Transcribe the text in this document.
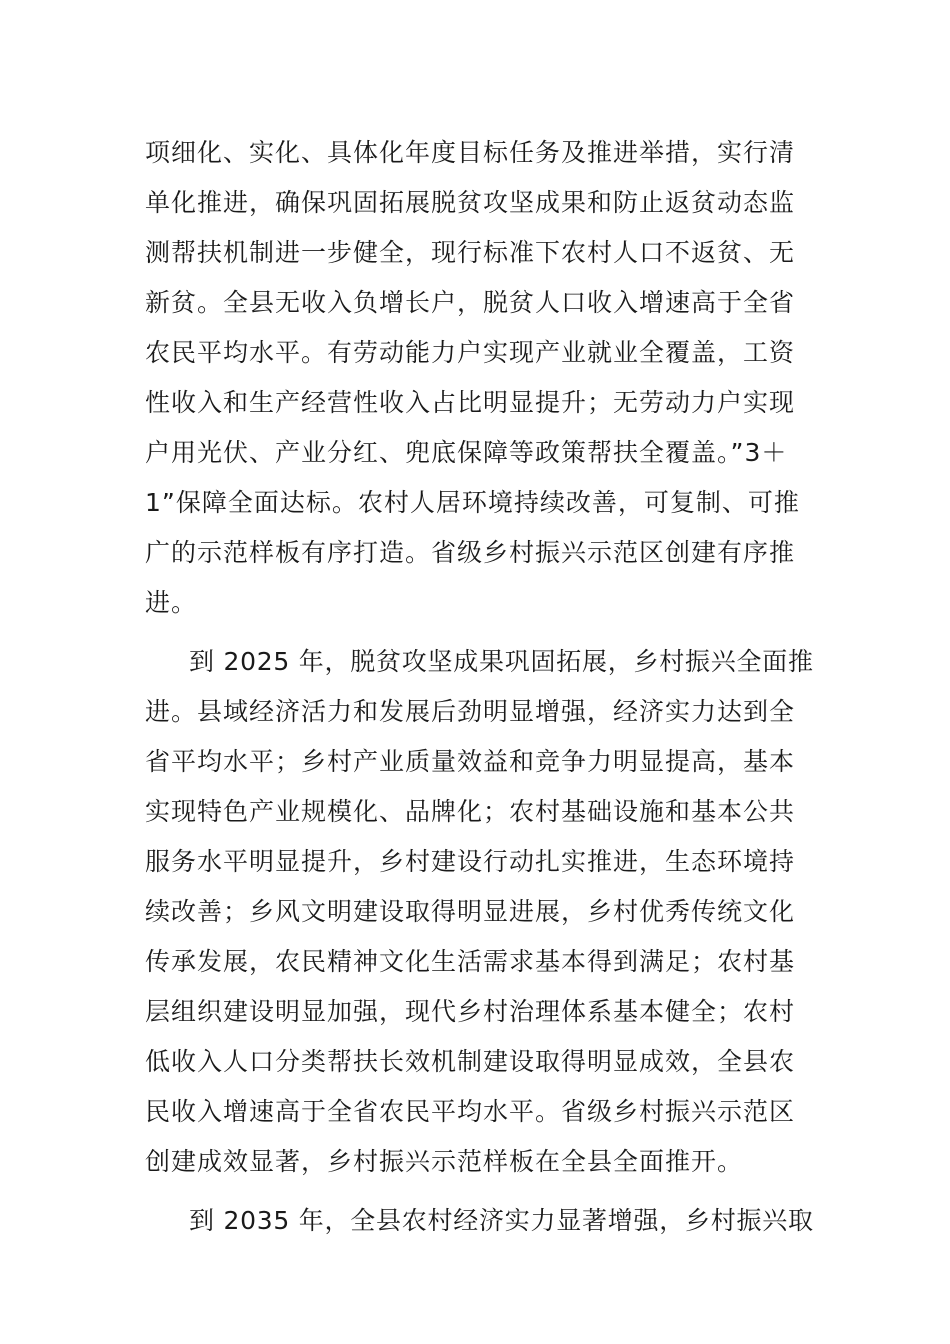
项细化、实化、具体化年度目标任务及推进举措，实行清
单化推进，确保巩固拓展脱贫攻坚成果和防止返贫动态监
测帮扶机制进一步健全，现行标准下农村人口不返贫、无
新贫。全县无收入负增长户，脱贫人口收入增速高于全省
农民平均水平。有劳动能力户实现产业就业全覆盖，工资
性收入和生产经营性收入占比明显提升；无劳动力户实现
户用光伏、产业分红、兜底保障等政策帮扶全覆盖。”3＋
1”保障全面达标。农村人居环境持续改善，可复制、可推
广的示范样板有序打造。省级乡村振兴示范区创建有序推
进。
到 2025 年，脱贫攻坚成果巩固拓展，乡村振兴全面推
进。县域经济活力和发展后劲明显增强，经济实力达到全
省平均水平；乡村产业质量效益和竞争力明显提高，基本
实现特色产业规模化、品牌化；农村基础设施和基本公共
服务水平明显提升，乡村建设行动扎实推进，生态环境持
续改善；乡风文明建设取得明显进展，乡村优秀传统文化
传承发展，农民精神文化生活需求基本得到满足；农村基
层组织建设明显加强，现代乡村治理体系基本健全；农村
低收入人口分类帮扶长效机制建设取得明显成效，全县农
民收入增速高于全省农民平均水平。省级乡村振兴示范区
创建成效显著，乡村振兴示范样板在全县全面推开。
到 2035 年，全县农村经济实力显著增强，乡村振兴取
